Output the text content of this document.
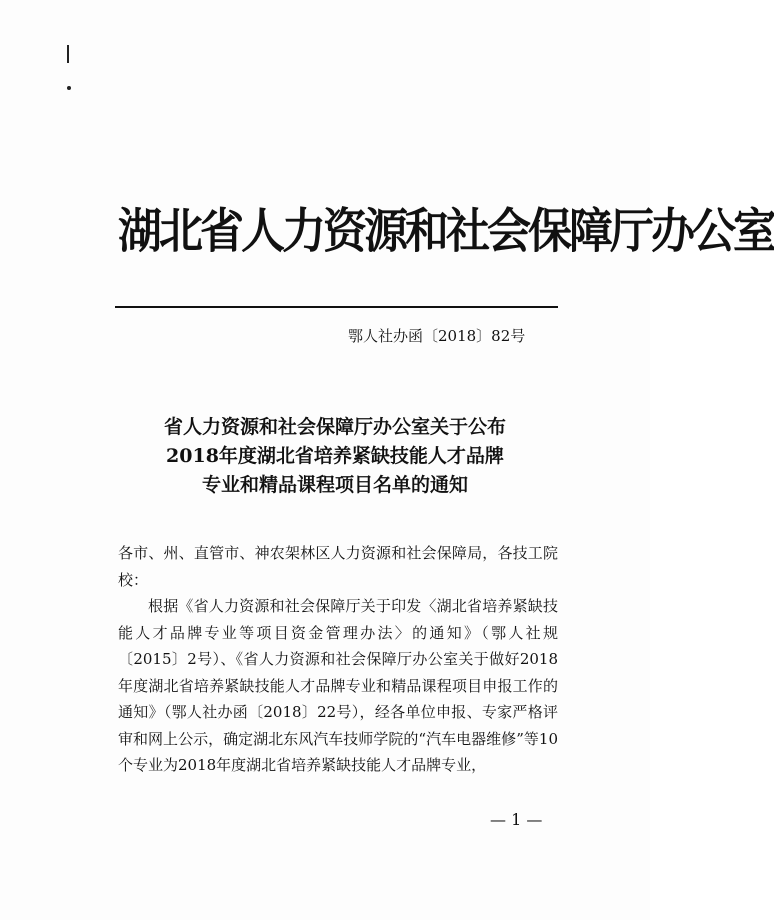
湖北省人力资源和社会保障厅办公室
鄂人社办函〔2018〕82号
省人力资源和社会保障厅办公室关于公布
2018年度湖北省培养紧缺技能人才品牌
专业和精品课程项目名单的通知

各市、州、直管市、神农架林区人力资源和社会保障局，各技工院校：

根据《省人力资源和社会保障厅关于印发〈湖北省培养紧缺技能人才品牌专业等项目资金管理办法〉的通知》（鄂人社规〔2015〕2号）、《省人力资源和社会保障厅办公室关于做好2018年度湖北省培养紧缺技能人才品牌专业和精品课程项目申报工作的通知》（鄂人社办函〔2018〕22号），经各单位申报、专家严格评审和网上公示，确定湖北东风汽车技师学院的“汽车电器维修”等10个专业为2018年度湖北省培养紧缺技能人才品牌专业，

— 1 —
